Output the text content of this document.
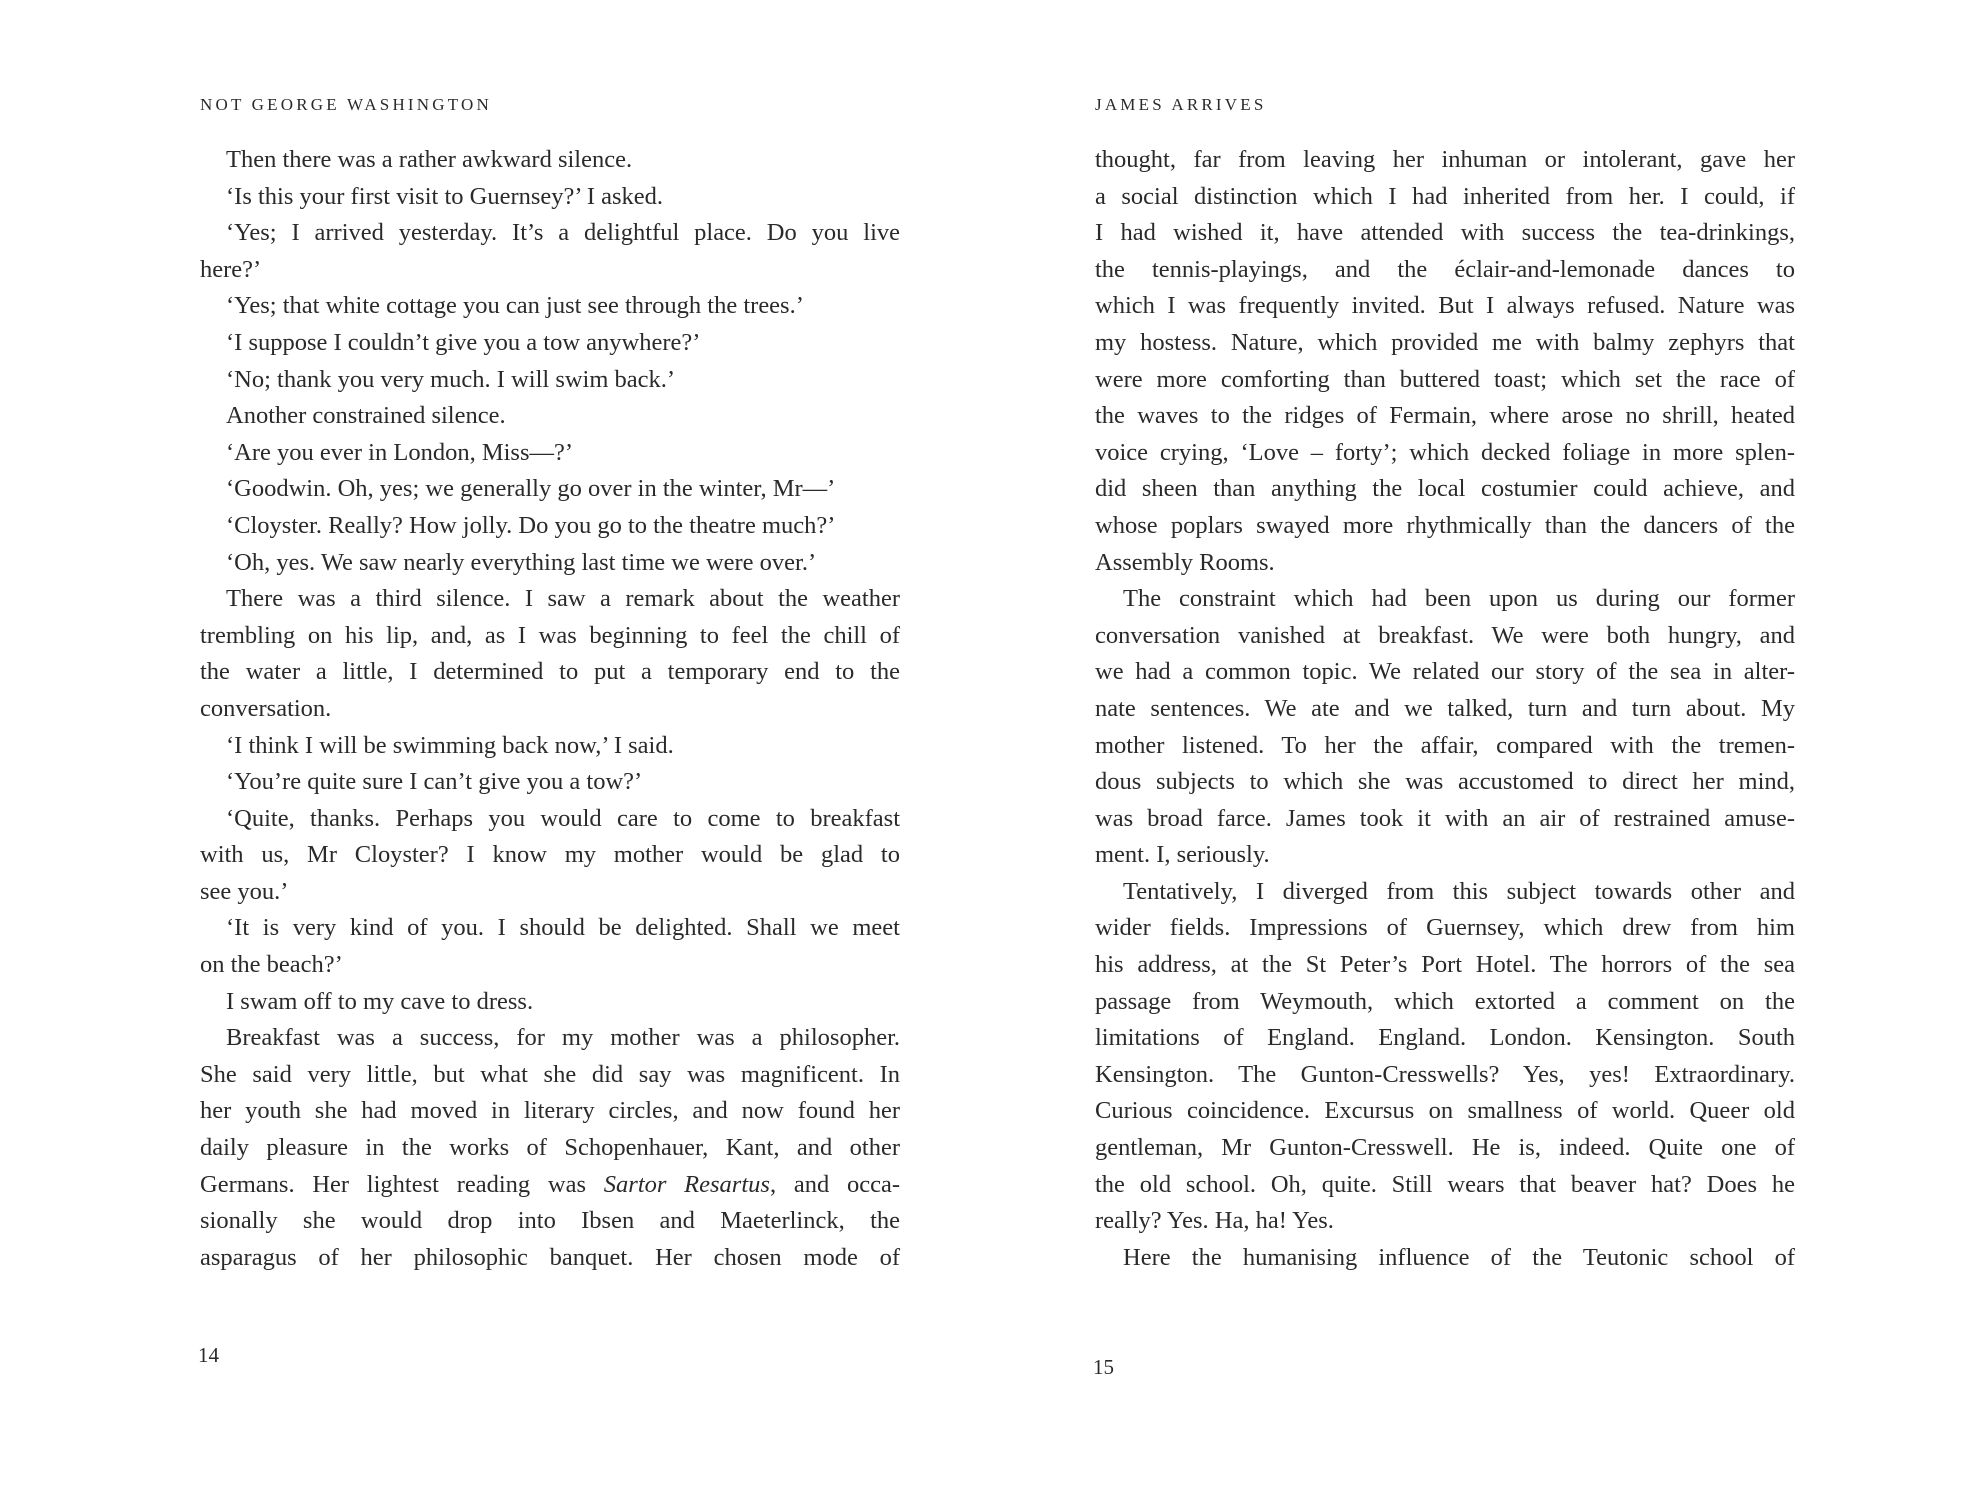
NOT GEORGE WASHINGTON
Then there was a rather awkward silence.
‘Is this your first visit to Guernsey?’ I asked.
‘Yes; I arrived yesterday. It’s a delightful place. Do you live
here?’
‘Yes; that white cottage you can just see through the trees.’
‘I suppose I couldn’t give you a tow anywhere?’
‘No; thank you very much. I will swim back.’
Another constrained silence.
‘Are you ever in London, Miss—?’
‘Goodwin. Oh, yes; we generally go over in the winter, Mr—’
‘Cloyster. Really? How jolly. Do you go to the theatre much?’
‘Oh, yes. We saw nearly everything last time we were over.’
There was a third silence. I saw a remark about the weather
trembling on his lip, and, as I was beginning to feel the chill of
the water a little, I determined to put a temporary end to the
conversation.
‘I think I will be swimming back now,’ I said.
‘You’re quite sure I can’t give you a tow?’
‘Quite, thanks. Perhaps you would care to come to breakfast
with us, Mr Cloyster? I know my mother would be glad to
see you.’
‘It is very kind of you. I should be delighted. Shall we meet
on the beach?’
I swam off to my cave to dress.
Breakfast was a success, for my mother was a philosopher.
She said very little, but what she did say was magnificent. In
her youth she had moved in literary circles, and now found her
daily pleasure in the works of Schopenhauer, Kant, and other
Germans. Her lightest reading was Sartor Resartus, and occa-
sionally she would drop into Ibsen and Maeterlinck, the
asparagus of her philosophic banquet. Her chosen mode of
14
JAMES ARRIVES
thought, far from leaving her inhuman or intolerant, gave her
a social distinction which I had inherited from her. I could, if
I had wished it, have attended with success the tea-drinkings,
the tennis-playings, and the éclair-and-lemonade dances to
which I was frequently invited. But I always refused. Nature was
my hostess. Nature, which provided me with balmy zephyrs that
were more comforting than buttered toast; which set the race of
the waves to the ridges of Fermain, where arose no shrill, heated
voice crying, ‘Love – forty’; which decked foliage in more splen-
did sheen than anything the local costumier could achieve, and
whose poplars swayed more rhythmically than the dancers of the
Assembly Rooms.
The constraint which had been upon us during our former
conversation vanished at breakfast. We were both hungry, and
we had a common topic. We related our story of the sea in alter-
nate sentences. We ate and we talked, turn and turn about. My
mother listened. To her the affair, compared with the tremen-
dous subjects to which she was accustomed to direct her mind,
was broad farce. James took it with an air of restrained amuse-
ment. I, seriously.
Tentatively, I diverged from this subject towards other and
wider fields. Impressions of Guernsey, which drew from him
his address, at the St Peter’s Port Hotel. The horrors of the sea
passage from Weymouth, which extorted a comment on the
limitations of England. England. London. Kensington. South
Kensington. The Gunton-Cresswells? Yes, yes! Extraordinary.
Curious coincidence. Excursus on smallness of world. Queer old
gentleman, Mr Gunton-Cresswell. He is, indeed. Quite one of
the old school. Oh, quite. Still wears that beaver hat? Does he
really? Yes. Ha, ha! Yes.
Here the humanising influence of the Teutonic school of
15
